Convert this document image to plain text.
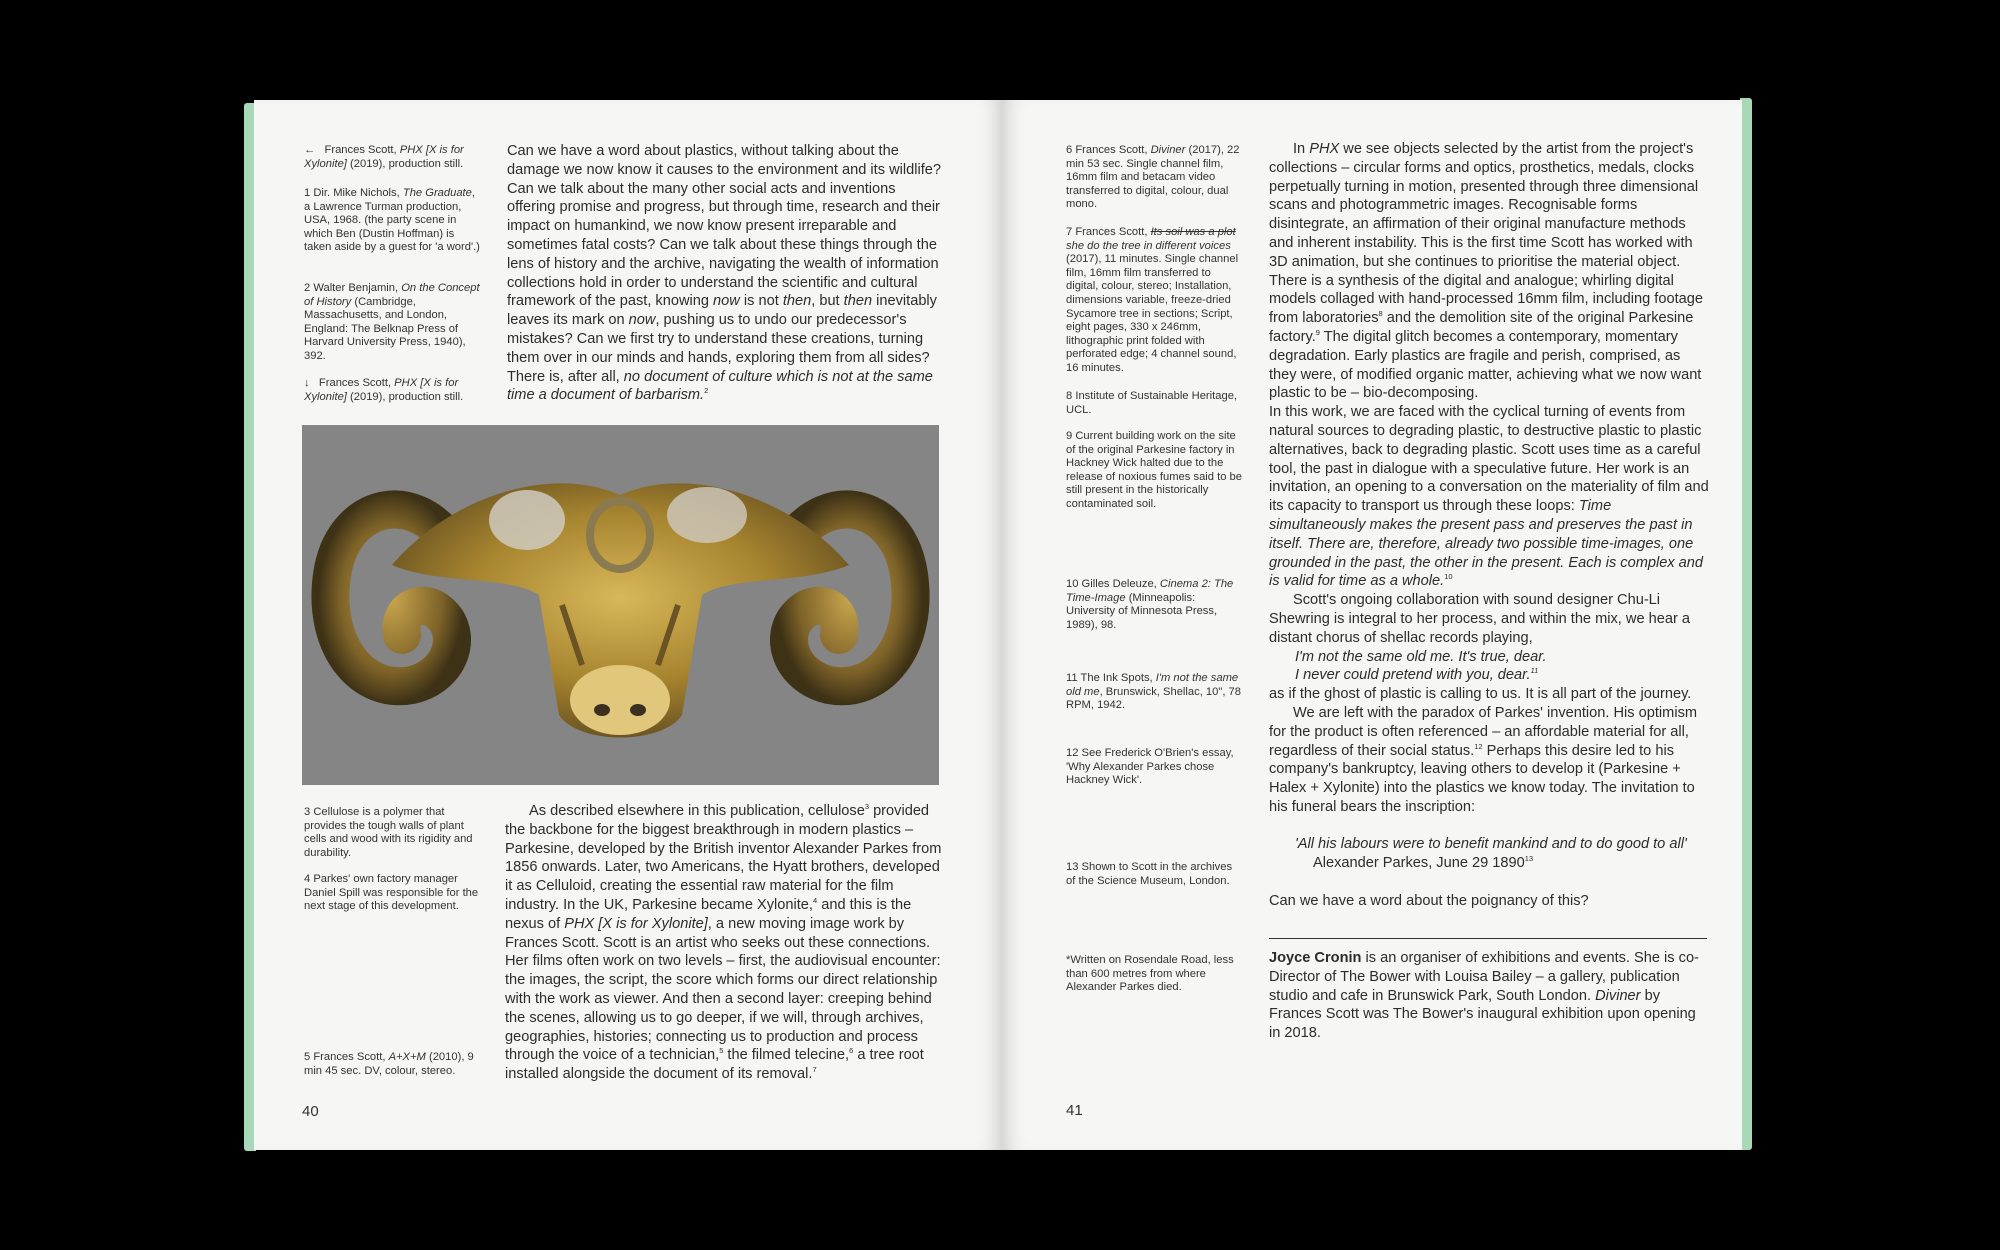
← Frances Scott, PHX [X is for Xylonite] (2019), production still.

1 Dir. Mike Nichols, The Graduate, a Lawrence Turman production, USA, 1968. (the party scene in which Ben (Dustin Hoffman) is taken aside by a guest for 'a word'.)

2 Walter Benjamin, On the Concept of History (Cambridge, Massachusetts, and London, England: The Belknap Press of Harvard University Press, 1940), 392.

↓ Frances Scott, PHX [X is for Xylonite] (2019), production still.

Can we have a word about plastics, without talking about the damage we now know it causes to the environment and its wildlife? Can we talk about the many other social acts and inventions offering promise and progress, but through time, research and their impact on humankind, we now know present irreparable and sometimes fatal costs? Can we talk about these things through the lens of history and the archive, navigating the wealth of information collections hold in order to understand the scientific and cultural framework of the past, knowing now is not then, but then inevitably leaves its mark on now, pushing us to undo our predecessor's mistakes? Can we first try to understand these creations, turning them over in our minds and hands, exploring them from all sides? There is, after all, no document of culture which is not at the same time a document of barbarism.$^2$

3 Cellulose is a polymer that provides the tough walls of plant cells and wood with its rigidity and durability.

4 Parkes' own factory manager Daniel Spill was responsible for the next stage of this development.

5 Frances Scott, A+X+M (2010), 9 min 45 sec. DV, colour, stereo.

As described elsewhere in this publication, cellulose$^3$ provided the backbone for the biggest breakthrough in modern plastics – Parkesine, developed by the British inventor Alexander Parkes from 1856 onwards. Later, two Americans, the Hyatt brothers, developed it as Celluloid, creating the essential raw material for the film industry. In the UK, Parkesine became Xylonite,$^4$ and this is the nexus of PHX [X is for Xylonite], a new moving image work by Frances Scott. Scott is an artist who seeks out these connections. Her films often work on two levels – first, the audiovisual encounter: the images, the script, the score which forms our direct relationship with the work as viewer. And then a second layer: creeping behind the scenes, allowing us to go deeper, if we will, through archives, geographies, histories; connecting us to production and process through the voice of a technician,$^5$ the filmed telecine,$^6$ a tree root installed alongside the document of its removal.$^7$

40

6 Frances Scott, Diviner (2017), 22 min 53 sec. Single channel film, 16mm film and betacam video transferred to digital, colour, dual mono.

7 Frances Scott, Its soil was a plot she do the tree in different voices (2017), 11 minutes. Single channel film, 16mm film transferred to digital, colour, stereo; Installation, dimensions variable, freeze-dried Sycamore tree in sections; Script, eight pages, 330 x 246mm, lithographic print folded with perforated edge; 4 channel sound, 16 minutes.

8 Institute of Sustainable Heritage, UCL.

9 Current building work on the site of the original Parkesine factory in Hackney Wick halted due to the release of noxious fumes said to be still present in the historically contaminated soil.

10 Gilles Deleuze, Cinema 2: The Time-Image (Minneapolis: University of Minnesota Press, 1989), 98.

11 The Ink Spots, I'm not the same old me, Brunswick, Shellac, 10", 78 RPM, 1942.

12 See Frederick O'Brien's essay, 'Why Alexander Parkes chose Hackney Wick'.

13 Shown to Scott in the archives of the Science Museum, London.

*Written on Rosendale Road, less than 600 metres from where Alexander Parkes died.

In PHX we see objects selected by the artist from the project's collections – circular forms and optics, prosthetics, medals, clocks perpetually turning in motion, presented through three dimensional scans and photogrammetric images. Recognisable forms disintegrate, an affirmation of their original manufacture methods and inherent instability. This is the first time Scott has worked with 3D animation, but she continues to prioritise the material object. There is a synthesis of the digital and analogue; whirling digital models collaged with hand-processed 16mm film, including footage from laboratories$^8$ and the demolition site of the original Parkesine factory.$^9$ The digital glitch becomes a contemporary, momentary degradation. Early plastics are fragile and perish, comprised, as they were, of modified organic matter, achieving what we now want plastic to be – bio-decomposing.

In this work, we are faced with the cyclical turning of events from natural sources to degrading plastic, to destructive plastic to plastic alternatives, back to degrading plastic. Scott uses time as a careful tool, the past in dialogue with a speculative future. Her work is an invitation, an opening to a conversation on the materiality of film and its capacity to transport us through these loops: Time simultaneously makes the present pass and preserves the past in itself. There are, therefore, already two possible time-images, one grounded in the past, the other in the present. Each is complex and is valid for time as a whole.$^{10}$

Scott's ongoing collaboration with sound designer Chu-Li Shewring is integral to her process, and within the mix, we hear a distant chorus of shellac records playing,

I'm not the same old me. It's true, dear.

I never could pretend with you, dear.$^{11}$

as if the ghost of plastic is calling to us. It is all part of the journey.

We are left with the paradox of Parkes' invention. His optimism for the product is often referenced – an affordable material for all, regardless of their social status.$^{12}$ Perhaps this desire led to his company's bankruptcy, leaving others to develop it (Parkesine + Halex + Xylonite) into the plastics we know today. The invitation to his funeral bears the inscription:

'All his labours were to benefit mankind and to do good to all'

Alexander Parkes, June 29 1890$^{13}$

Can we have a word about the poignancy of this?

Joyce Cronin is an organiser of exhibitions and events. She is co-Director of The Bower with Louisa Bailey – a gallery, publication studio and cafe in Brunswick Park, South London. Diviner by Frances Scott was The Bower's inaugural exhibition upon opening in 2018.

41
